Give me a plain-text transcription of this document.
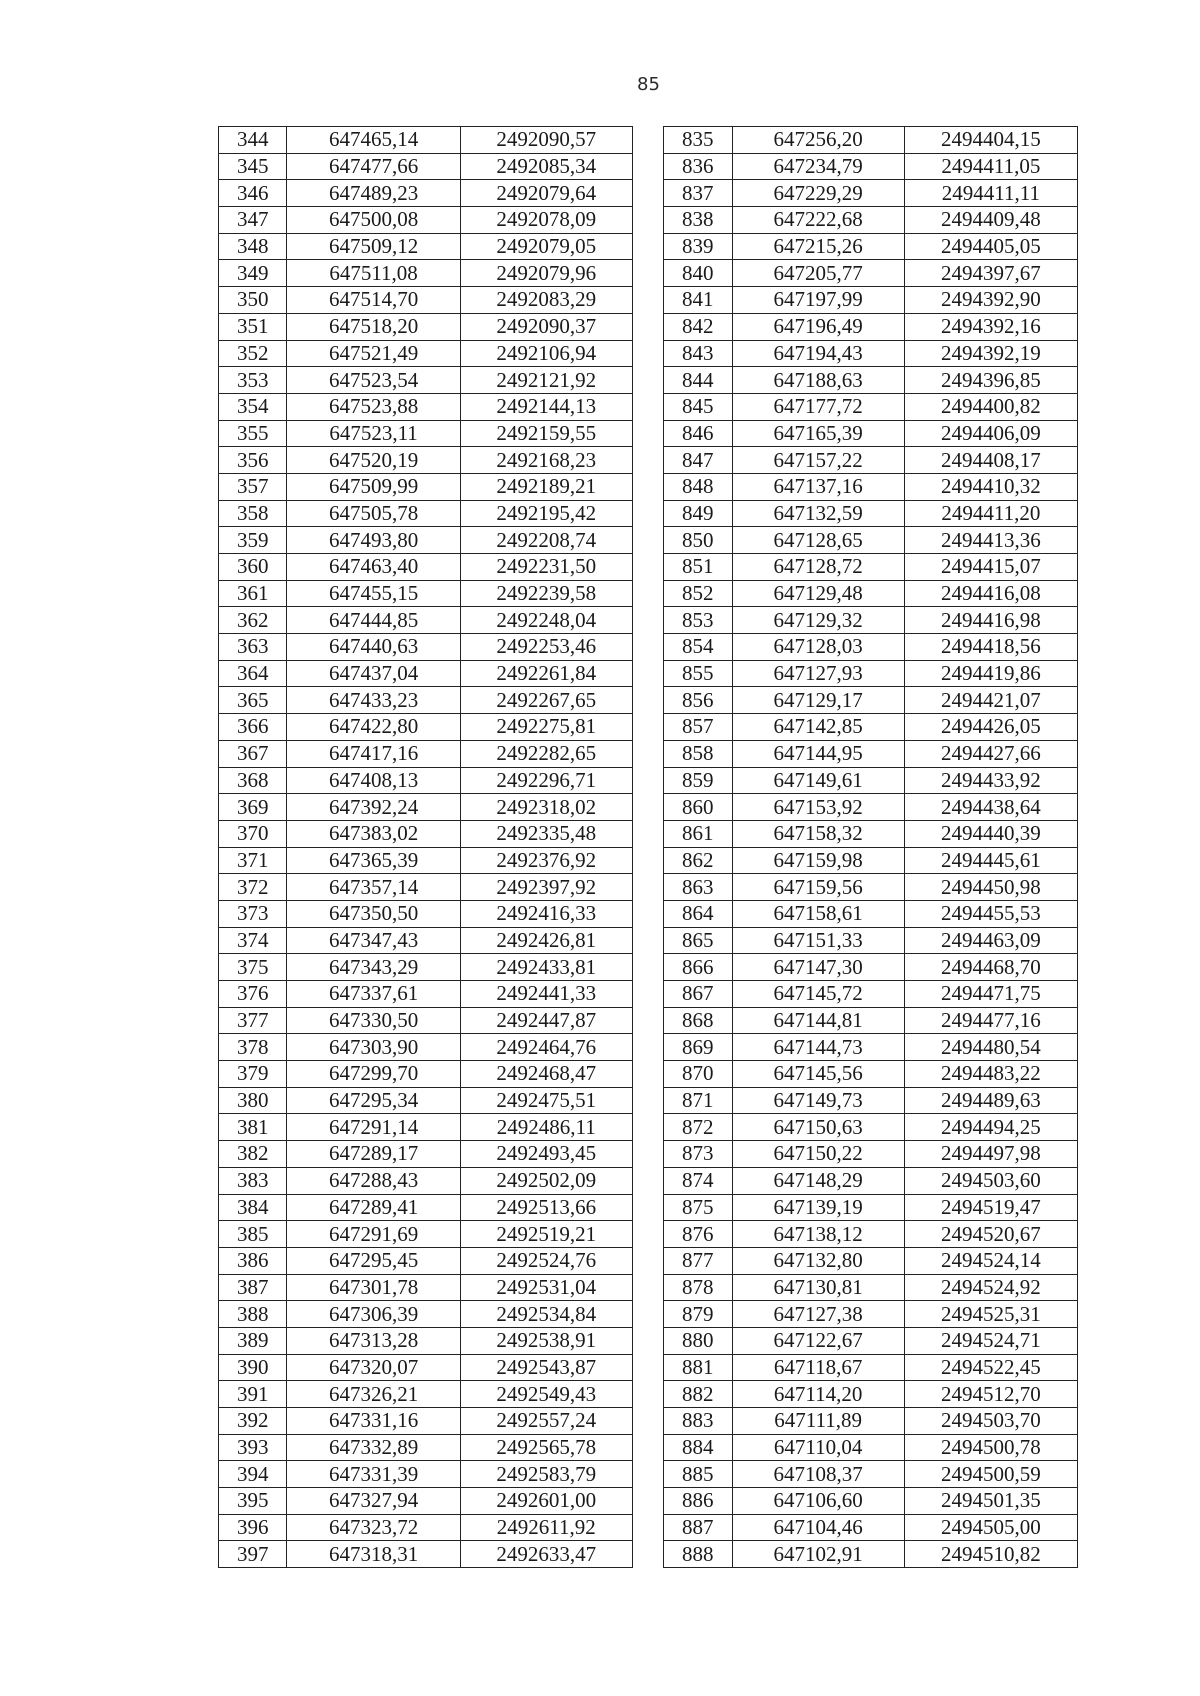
85
344	647465,14	2492090,57		835	647256,20	2494404,15
345	647477,66	2492085,34		836	647234,79	2494411,05
346	647489,23	2492079,64		837	647229,29	2494411,11
347	647500,08	2492078,09		838	647222,68	2494409,48
348	647509,12	2492079,05		839	647215,26	2494405,05
349	647511,08	2492079,96		840	647205,77	2494397,67
350	647514,70	2492083,29		841	647197,99	2494392,90
351	647518,20	2492090,37		842	647196,49	2494392,16
352	647521,49	2492106,94		843	647194,43	2494392,19
353	647523,54	2492121,92		844	647188,63	2494396,85
354	647523,88	2492144,13		845	647177,72	2494400,82
355	647523,11	2492159,55		846	647165,39	2494406,09
356	647520,19	2492168,23		847	647157,22	2494408,17
357	647509,99	2492189,21		848	647137,16	2494410,32
358	647505,78	2492195,42		849	647132,59	2494411,20
359	647493,80	2492208,74		850	647128,65	2494413,36
360	647463,40	2492231,50		851	647128,72	2494415,07
361	647455,15	2492239,58		852	647129,48	2494416,08
362	647444,85	2492248,04		853	647129,32	2494416,98
363	647440,63	2492253,46		854	647128,03	2494418,56
364	647437,04	2492261,84		855	647127,93	2494419,86
365	647433,23	2492267,65		856	647129,17	2494421,07
366	647422,80	2492275,81		857	647142,85	2494426,05
367	647417,16	2492282,65		858	647144,95	2494427,66
368	647408,13	2492296,71		859	647149,61	2494433,92
369	647392,24	2492318,02		860	647153,92	2494438,64
370	647383,02	2492335,48		861	647158,32	2494440,39
371	647365,39	2492376,92		862	647159,98	2494445,61
372	647357,14	2492397,92		863	647159,56	2494450,98
373	647350,50	2492416,33		864	647158,61	2494455,53
374	647347,43	2492426,81		865	647151,33	2494463,09
375	647343,29	2492433,81		866	647147,30	2494468,70
376	647337,61	2492441,33		867	647145,72	2494471,75
377	647330,50	2492447,87		868	647144,81	2494477,16
378	647303,90	2492464,76		869	647144,73	2494480,54
379	647299,70	2492468,47		870	647145,56	2494483,22
380	647295,34	2492475,51		871	647149,73	2494489,63
381	647291,14	2492486,11		872	647150,63	2494494,25
382	647289,17	2492493,45		873	647150,22	2494497,98
383	647288,43	2492502,09		874	647148,29	2494503,60
384	647289,41	2492513,66		875	647139,19	2494519,47
385	647291,69	2492519,21		876	647138,12	2494520,67
386	647295,45	2492524,76		877	647132,80	2494524,14
387	647301,78	2492531,04		878	647130,81	2494524,92
388	647306,39	2492534,84		879	647127,38	2494525,31
389	647313,28	2492538,91		880	647122,67	2494524,71
390	647320,07	2492543,87		881	647118,67	2494522,45
391	647326,21	2492549,43		882	647114,20	2494512,70
392	647331,16	2492557,24		883	647111,89	2494503,70
393	647332,89	2492565,78		884	647110,04	2494500,78
394	647331,39	2492583,79		885	647108,37	2494500,59
395	647327,94	2492601,00		886	647106,60	2494501,35
396	647323,72	2492611,92		887	647104,46	2494505,00
397	647318,31	2492633,47		888	647102,91	2494510,82
